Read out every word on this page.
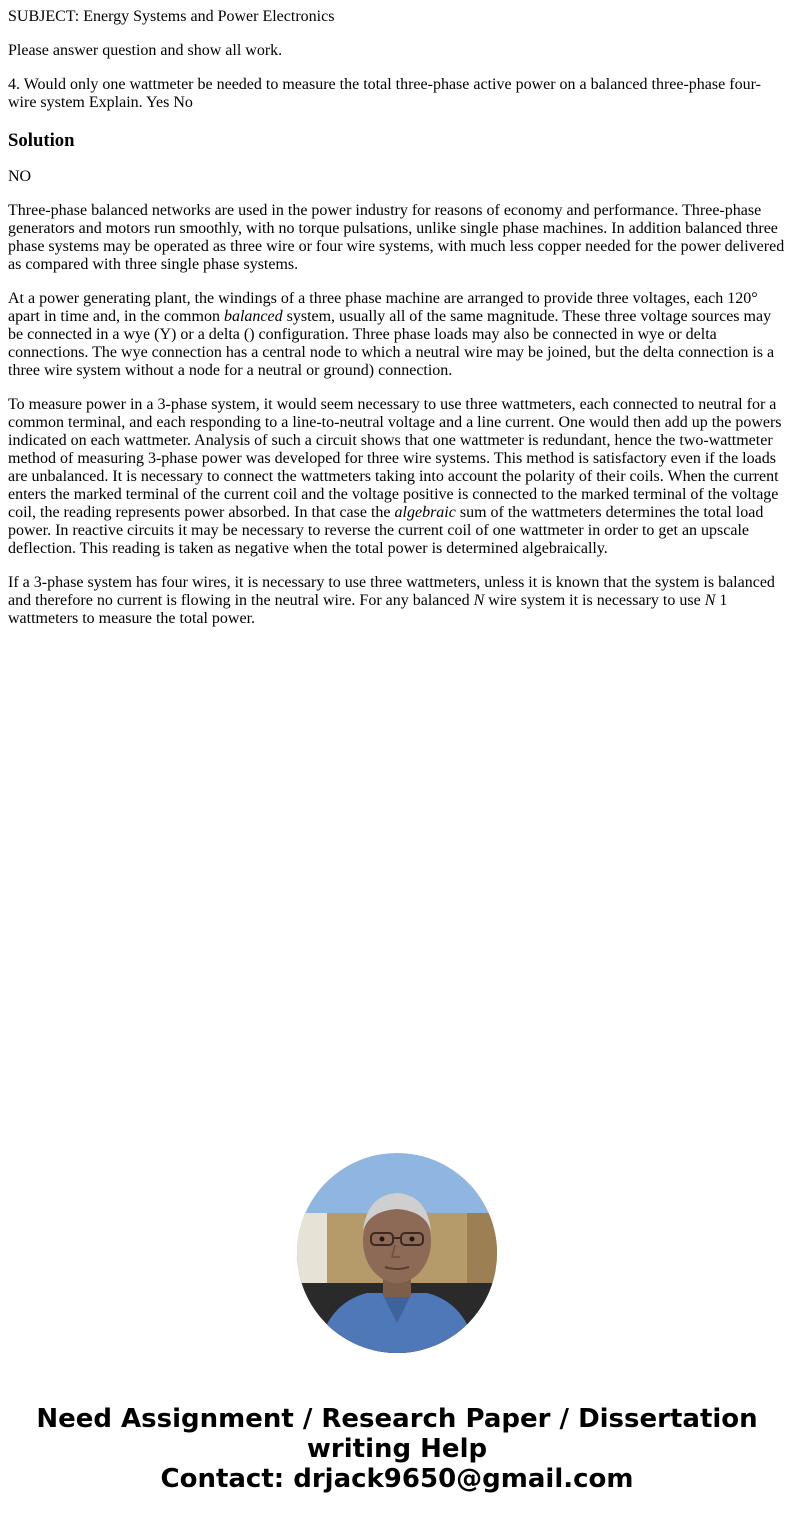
SUBJECT: Energy Systems and Power Electronics

Please answer question and show all work.

4. Would only one wattmeter be needed to measure the total three-phase active power on a balanced three-phase four-wire system Explain. Yes No

Solution

NO

Three-phase balanced networks are used in the power industry for reasons of economy and performance. Three-phase generators and motors run smoothly, with no torque pulsations, unlike single phase machines. In addition balanced three phase systems may be operated as three wire or four wire systems, with much less copper needed for the power delivered as compared with three single phase systems.

At a power generating plant, the windings of a three phase machine are arranged to provide three voltages, each 120° apart in time and, in the common balanced system, usually all of the same magnitude. These three voltage sources may be connected in a wye (Y) or a delta () configuration. Three phase loads may also be connected in wye or delta connections. The wye connection has a central node to which a neutral wire may be joined, but the delta connection is a three wire system without a node for a neutral or ground) connection.

To measure power in a 3-phase system, it would seem necessary to use three wattmeters, each connected to neutral for a common terminal, and each responding to a line-to-neutral voltage and a line current. One would then add up the powers indicated on each wattmeter. Analysis of such a circuit shows that one wattmeter is redundant, hence the two-wattmeter method of measuring 3-phase power was developed for three wire systems. This method is satisfactory even if the loads are unbalanced. It is necessary to connect the wattmeters taking into account the polarity of their coils. When the current enters the marked terminal of the current coil and the voltage positive is connected to the marked terminal of the voltage coil, the reading represents power absorbed. In that case the algebraic sum of the wattmeters determines the total load power. In reactive circuits it may be necessary to reverse the current coil of one wattmeter in order to get an upscale deflection. This reading is taken as negative when the total power is determined algebraically.

If a 3-phase system has four wires, it is necessary to use three wattmeters, unless it is known that the system is balanced and therefore no current is flowing in the neutral wire. For any balanced N wire system it is necessary to use N 1 wattmeters to measure the total power.

Need Assignment / Research Paper / Dissertation
writing Help
Contact: drjack9650@gmail.com
